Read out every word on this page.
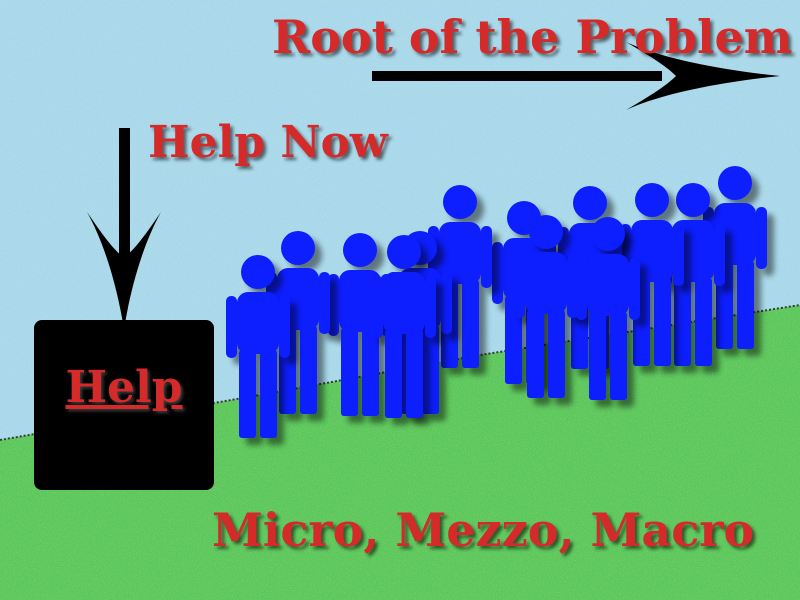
Help
Root of the Problem
Help Now
Micro, Mezzo, Macro
